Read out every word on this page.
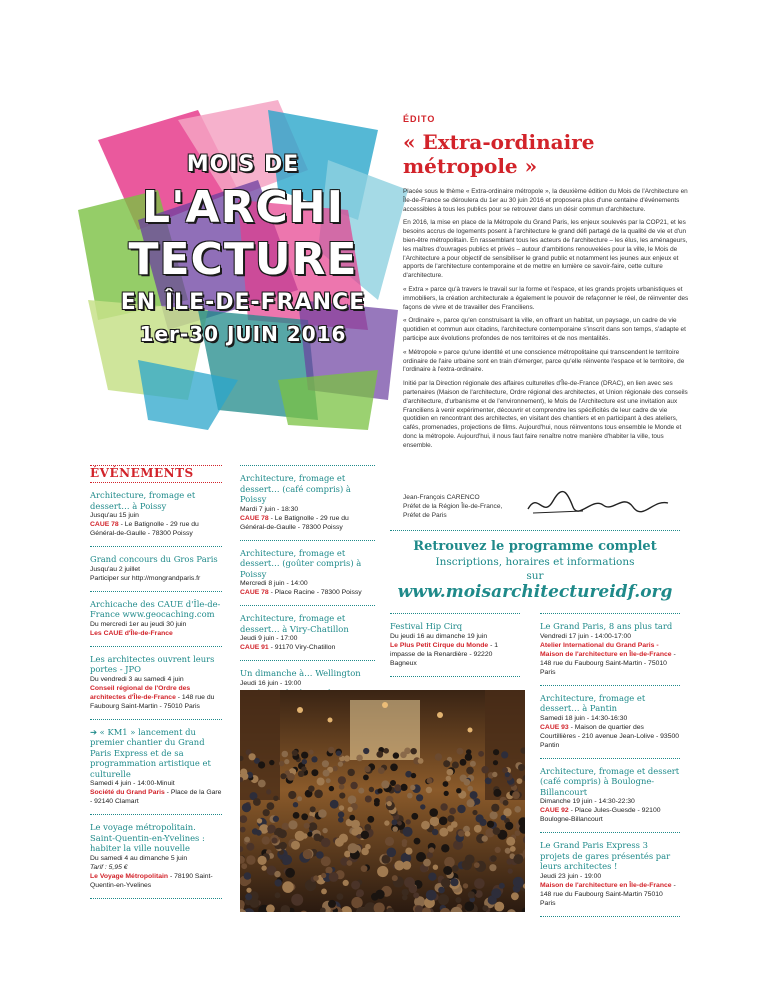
MOIS DE
L'ARCHI
TECTURE
EN ÎLE-DE-FRANCE
1er-30 JUIN 2016
ÉDITO
« Extra-ordinaire métropole »

Placée sous le thème « Extra-ordinaire métropole », la deuxième édition du Mois de l'Architecture en Île-de-France se déroulera du 1er au 30 juin 2016 et proposera plus d'une centaine d'événements accessibles à tous les publics pour se retrouver dans un désir commun d'architecture.

En 2016, la mise en place de la Métropole du Grand Paris, les enjeux soulevés par la COP21, et les besoins accrus de logements posent à l'architecture le grand défi partagé de la qualité de vie et d'un bien-être métropolitain. En rassemblant tous les acteurs de l'architecture – les élus, les aménageurs, les maîtres d'ouvrages publics et privés – autour d'ambitions renouvelées pour la ville, le Mois de l'Architecture a pour objectif de sensibiliser le grand public et notamment les jeunes aux enjeux et apports de l'architecture contemporaine et de mettre en lumière ce savoir-faire, cette culture d'architecture.

« Extra » parce qu'à travers le travail sur la forme et l'espace, et les grands projets urbanistiques et immobiliers, la création architecturale a également le pouvoir de refaçonner le réel, de réinventer des façons de vivre et de travailler des Franciliens.

« Ordinaire », parce qu'en construisant la ville, en offrant un habitat, un paysage, un cadre de vie quotidien et commun aux citadins, l'architecture contemporaine s'inscrit dans son temps, s'adapte et participe aux évolutions profondes de nos territoires et de nos mentalités.

« Métropole » parce qu'une identité et une conscience métropolitaine qui transcendent le territoire ordinaire de l'aire urbaine sont en train d'émerger, parce qu'elle réinvente l'espace et le territoire, de l'ordinaire à l'extra-ordinaire.

Initié par la Direction régionale des affaires culturelles d'Île-de-France (DRAC), en lien avec ses partenaires (Maison de l'architecture, Ordre régional des architectes, et Union régionale des conseils d'architecture, d'urbanisme et de l'environnement), le Mois de l'Architecture est une invitation aux Franciliens à venir expérimenter, découvrir et comprendre les spécificités de leur cadre de vie quotidien en rencontrant des architectes, en visitant des chantiers et en participant à des ateliers, cafés, promenades, projections de films. Aujourd'hui, nous réinventons tous ensemble le Monde et donc la métropole. Aujourd'hui, il nous faut faire renaître notre manière d'habiter la ville, tous ensemble.

Jean-François CARENCO
Préfet de la Région Île-de-France,
Préfet de Paris
Retrouvez le programme complet
Inscriptions, horaires et informations
sur www.moisarchitectureidf.org
ÉVÉNEMENTS
Architecture, fromage et dessert… à Poissy
Jusqu'au 15 juin
CAUE 78 - Le Batignolle - 29 rue du Général-de-Gaulle - 78300 Poissy
Grand concours du Gros Paris
Jusqu'au 2 juillet
Participer sur http://mongrandparis.fr
Archicache des CAUE d'Île-de-France www.geocaching.com
Du mercredi 1er au jeudi 30 juin
Les CAUE d'Île-de-France
Les architectes ouvrent leurs portes - JPO
Du vendredi 3 au samedi 4 juin
Conseil régional de l'Ordre des architectes d'Île-de-France - 148 rue du Faubourg Saint-Martin - 75010 Paris
➔ « KM1 » lancement du premier chantier du Grand Paris Express et de sa programmation artistique et culturelle
Samedi 4 juin - 14:00-Minuit
Société du Grand Paris - Place de la Gare - 92140 Clamart
Le voyage métropolitain. Saint-Quentin-en-Yvelines : habiter la ville nouvelle
Du samedi 4 au dimanche 5 juin
Tarif : 5,95 €
Le Voyage Métropolitain - 78190 Saint-Quentin-en-Yvelines
Architecture, fromage et dessert… (café compris) à Poissy
Mardi 7 juin - 18:30
CAUE 78 - Le Batignolle - 29 rue du Général-de-Gaulle - 78300 Poissy
Architecture, fromage et dessert… (goûter compris) à Poissy
Mercredi 8 juin - 14:00
CAUE 78 - Place Racine - 78300 Poissy
Architecture, fromage et dessert… à Viry-Chatillon
Jeudi 9 juin - 17:00
CAUE 91 - 91170 Viry-Chatillon
Un dimanche à… Wellington
Jeudi 16 juin - 19:00
Festival Hip Cirq
Du jeudi 16 au dimanche 19 juin
Le Plus Petit Cirque du Monde - 1 impasse de la Renardière - 92220 Bagneux
Le Grand Paris, 8 ans plus tard
Vendredi 17 juin - 14:00-17:00
Atelier International du Grand Paris - Maison de l'architecture en Île-de-France - 148 rue du Faubourg Saint-Martin - 75010 Paris
Architecture, fromage et dessert… à Pantin
Samedi 18 juin - 14:30-16:30
CAUE 93 - Maison de quartier des Courtillières - 210 avenue Jean-Lolive - 93500 Pantin
Architecture, fromage et dessert (café compris) à Boulogne-Billancourt
Dimanche 19 juin - 14:30-22:30
CAUE 92 - Place Jules-Guesde - 92100 Boulogne-Billancourt
Le Grand Paris Express 3 projets de gares présentés par leurs architectes !
Jeudi 23 juin - 19:00
Maison de l'architecture en Île-de-France - 148 rue du Faubourg Saint-Martin 75010 Paris
